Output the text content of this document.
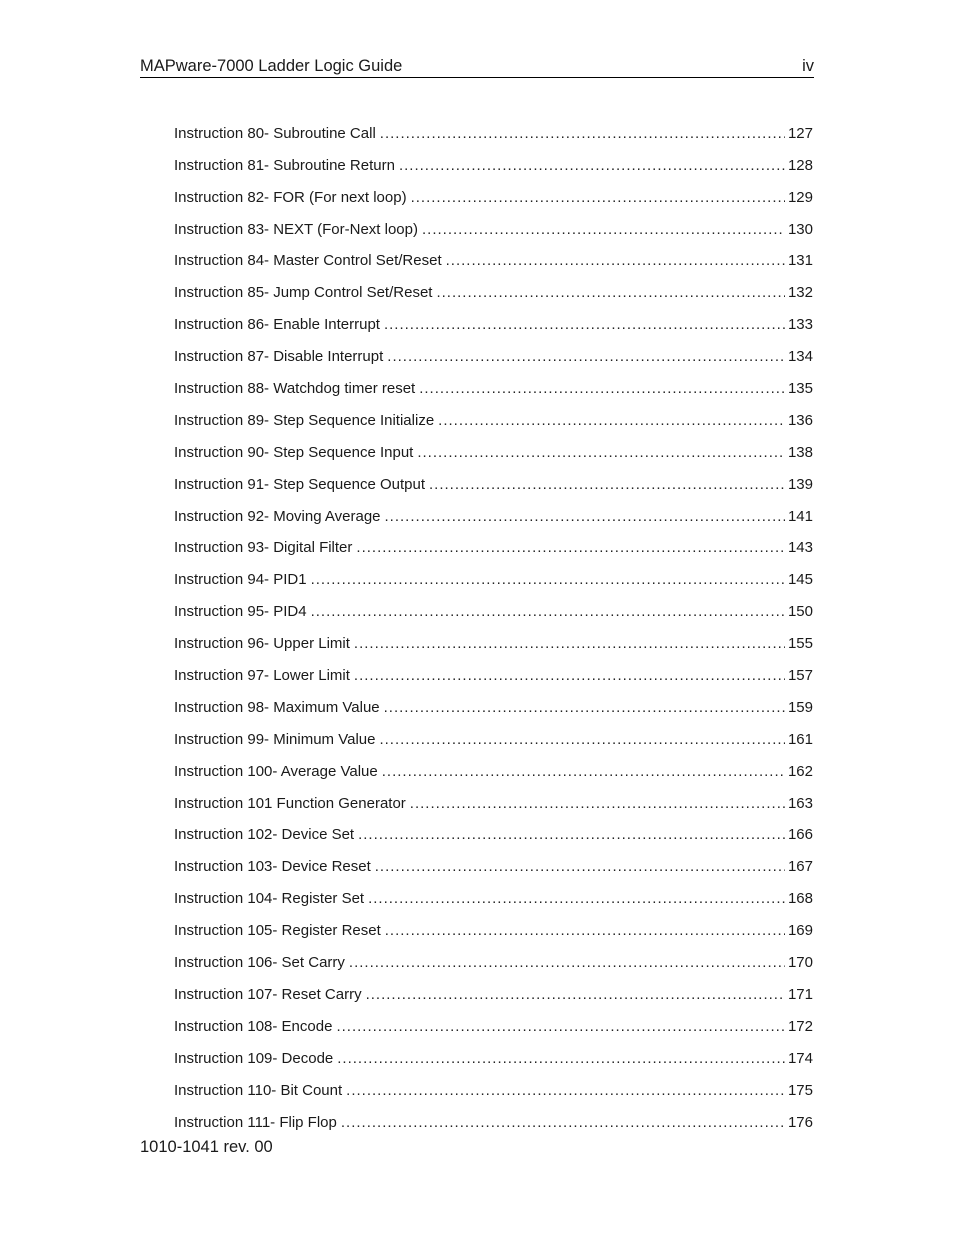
MAPware-7000 Ladder Logic Guide	iv
Instruction 80- Subroutine Call .....	127
Instruction 81- Subroutine Return .....	128
Instruction 82- FOR (For next loop) .....	129
Instruction 83- NEXT (For-Next loop) .....	130
Instruction 84- Master Control Set/Reset .....	131
Instruction 85- Jump Control Set/Reset .....	132
Instruction 86- Enable Interrupt .....	133
Instruction 87- Disable Interrupt .....	134
Instruction 88- Watchdog timer reset .....	135
Instruction 89- Step Sequence Initialize .....	136
Instruction 90- Step Sequence Input .....	138
Instruction 91- Step Sequence Output .....	139
Instruction 92- Moving Average .....	141
Instruction 93- Digital Filter .....	143
Instruction 94- PID1 .....	145
Instruction 95- PID4 .....	150
Instruction 96- Upper Limit .....	155
Instruction 97- Lower Limit .....	157
Instruction 98- Maximum Value .....	159
Instruction 99- Minimum Value .....	161
Instruction 100- Average Value .....	162
Instruction 101 Function Generator .....	163
Instruction 102- Device Set .....	166
Instruction 103- Device Reset .....	167
Instruction 104- Register Set .....	168
Instruction 105- Register Reset .....	169
Instruction 106- Set Carry .....	170
Instruction 107- Reset Carry .....	171
Instruction 108- Encode .....	172
Instruction 109- Decode .....	174
Instruction 110- Bit Count .....	175
Instruction 111- Flip Flop .....	176
1010-1041 rev. 00
